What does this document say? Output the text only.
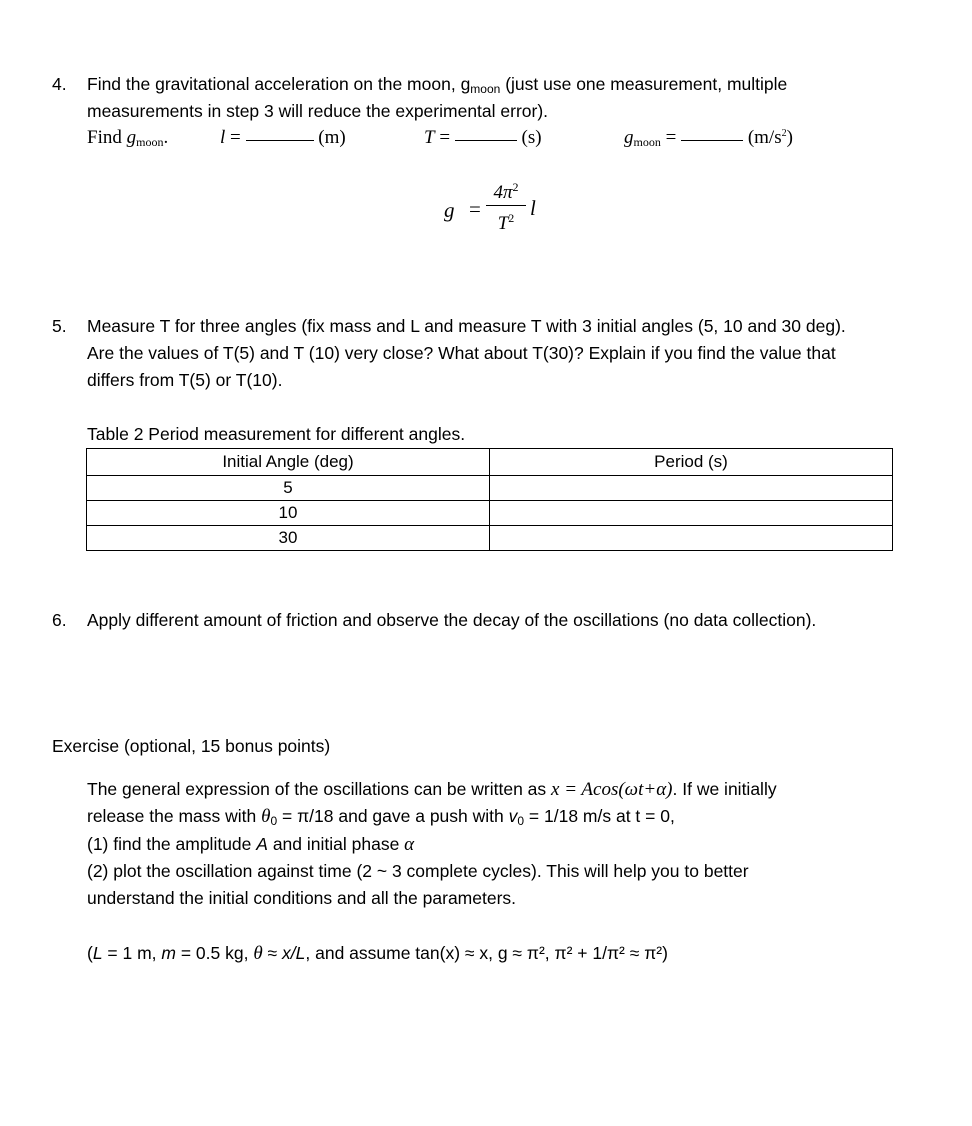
4. Find the gravitational acceleration on the moon, $g_{moon}$ (just use one measurement, multiple
measurements in step 3 will reduce the experimental error).
Find $g_{moon}$.	l =	(m)	T =	(s)	$g_{moon}$ =	$(m/s^2)$
g =
$4\pi^2$
$T^2$ l
5. Measure T for three angles (fix mass and L and measure T with 3 initial angles (5, 10 and 30 deg).
Are the values of T(5) and T (10) very close? What about T(30)? Explain if you find the value that
differs from T(5) or T(10).
Table 2 Period measurement for different angles.
Initial Angle (deg)	Period (s)
5	
10	
30	
6. Apply different amount of friction and observe the decay of the oscillations (no data collection).
Exercise (optional, 15 bonus points)
The general expression of the oscillations can be written as x = Acos(ωt+α). If we initially
release the mass with $\theta_0 = \pi/18$ and gave a push with $v_0 = 1/18$ m/s at t = 0,
(1) find the amplitude A and initial phase α
(2) plot the oscillation against time (2 ~ 3 complete cycles). This will help you to better
understand the initial conditions and all the parameters.
(L = 1 m, m = 0.5 kg, θ ≈ x/L, and assume tan(x) ≈ x, g ≈ π², π² + 1/π² ≈ π²)
